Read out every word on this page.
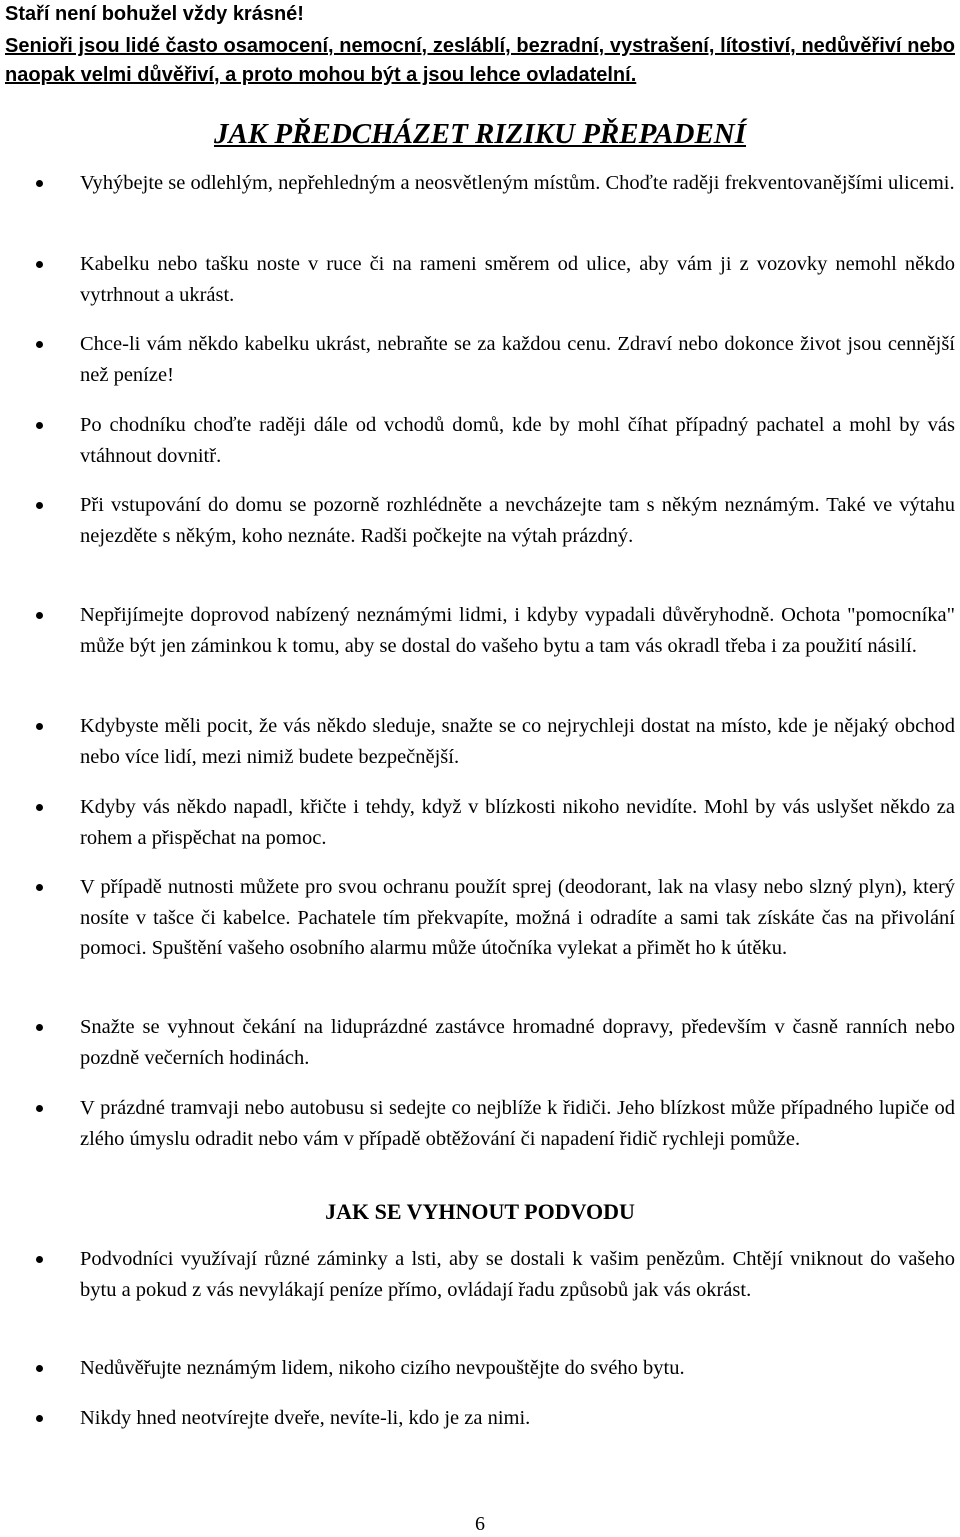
Staří není bohužel vždy krásné!

Senioři jsou lidé často osamocení, nemocní, zesláblí, bezradní, vystrašení, lítostiví, nedůvěřiví nebo naopak velmi důvěřiví, a proto mohou být a jsou lehce ovladatelní.

JAK PŘEDCHÁZET RIZIKU PŘEPADENÍ
Vyhýbejte se odlehlým, nepřehledným a neosvětleným místům. Choďte raději frekventovanějšími ulicemi.
Kabelku nebo tašku noste v ruce či na rameni směrem od ulice, aby vám ji z vozovky nemohl někdo vytrhnout a ukrást.
Chce-li vám někdo kabelku ukrást, nebraňte se za každou cenu. Zdraví nebo dokonce život jsou cennější než peníze!
Po chodníku choďte raději dále od vchodů domů, kde by mohl číhat případný pachatel a mohl by vás vtáhnout dovnitř.
Při vstupování do domu se pozorně rozhlédněte a nevcházejte tam s někým neznámým. Také ve výtahu nejezděte s někým, koho neznáte. Radši počkejte na výtah prázdný.
Nepřijímejte doprovod nabízený neznámými lidmi, i kdyby vypadali důvěryhodně. Ochota "pomocníka" může být jen záminkou k tomu, aby se dostal do vašeho bytu a tam vás okradl třeba i za použití násilí.
Kdybyste měli pocit, že vás někdo sleduje, snažte se co nejrychleji dostat na místo, kde je nějaký obchod nebo více lidí, mezi nimiž budete bezpečnější.
Kdyby vás někdo napadl, křičte i tehdy, když v blízkosti nikoho nevidíte. Mohl by vás uslyšet někdo za rohem a přispěchat na pomoc.
V případě nutnosti můžete pro svou ochranu použít sprej (deodorant, lak na vlasy nebo slzný plyn), který nosíte v tašce či kabelce. Pachatele tím překvapíte, možná i odradíte a sami tak získáte čas na přivolání pomoci. Spuštění vašeho osobního alarmu může útočníka vylekat a přimět ho k útěku.
Snažte se vyhnout čekání na liduprázdné zastávce hromadné dopravy, především v časně ranních nebo pozdně večerních hodinách.
V prázdné tramvaji nebo autobusu si sedejte co nejblíže k řidiči. Jeho blízkost může případného lupiče od zlého úmyslu odradit nebo vám v případě obtěžování či napadení řidič rychleji pomůže.
JAK SE VYHNOUT PODVODU
Podvodníci využívají různé záminky a lsti, aby se dostali k vašim penězům. Chtějí vniknout do vašeho bytu a pokud z vás nevylákají peníze přímo, ovládají řadu způsobů jak vás okrást.
Nedůvěřujte neznámým lidem, nikoho cizího nevpouštějte do svého bytu.
Nikdy hned neotvírejte dveře, nevíte-li, kdo je za nimi.
6
